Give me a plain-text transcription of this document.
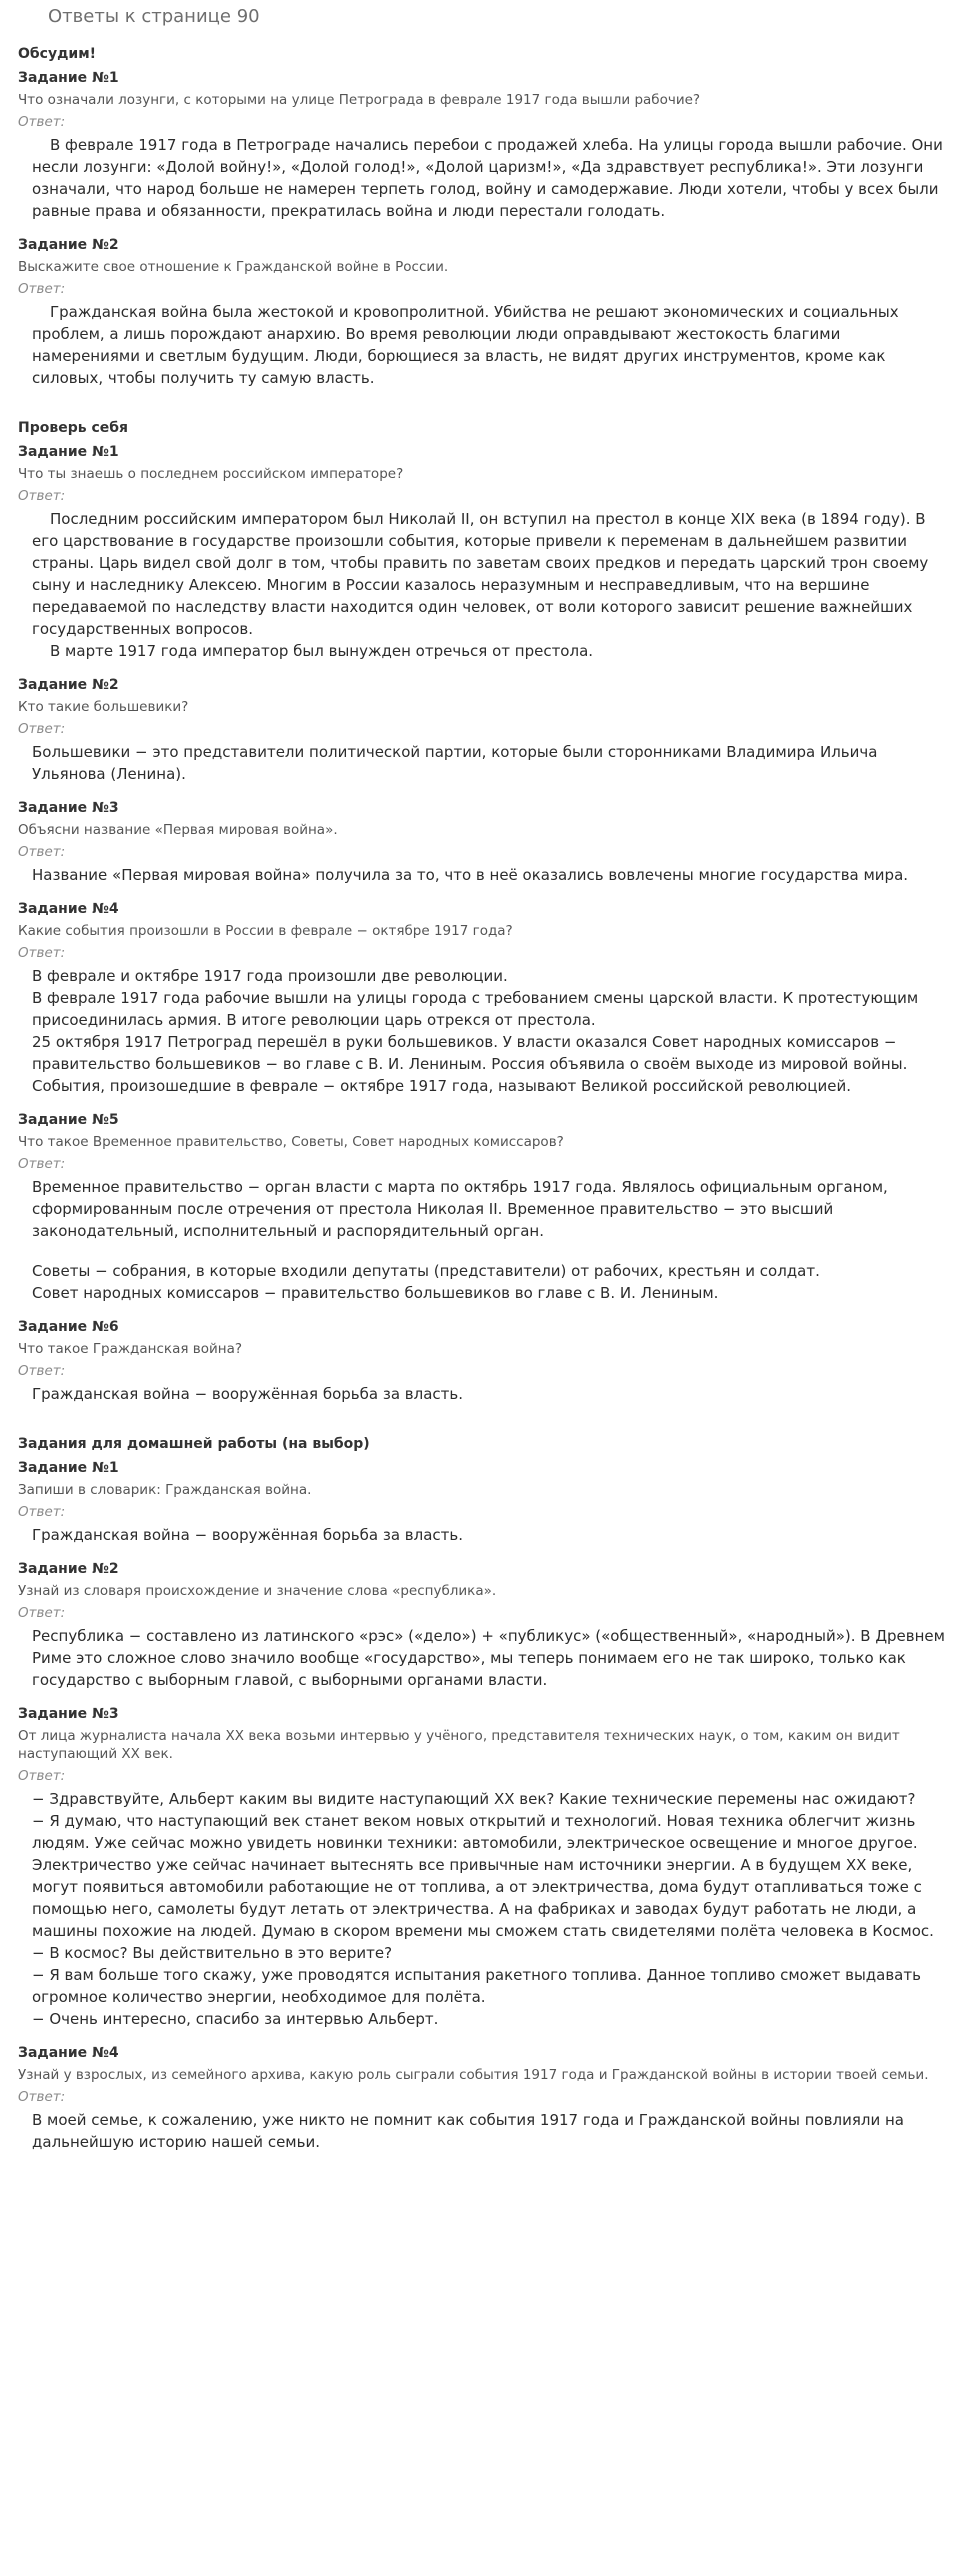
Ответы к странице 90
Обсудим!
Задание №1
Что означали лозунги, с которыми на улице Петрограда в феврале 1917 года вышли рабочие?
Ответ:

В феврале 1917 года в Петрограде начались перебои с продажей хлеба. На улицы города вышли рабочие. Они несли лозунги: «Долой войну!», «Долой голод!», «Долой царизм!», «Да здравствует республика!». Эти лозунги означали, что народ больше не намерен терпеть голод, войну и самодержавие. Люди хотели, чтобы у всех были равные права и обязанности, прекратилась война и люди перестали голодать.

Задание №2
Выскажите свое отношение к Гражданской войне в России.
Ответ:

Гражданская война была жестокой и кровопролитной. Убийства не решают экономических и социальных проблем, а лишь порождают анархию. Во время революции люди оправдывают жестокость благими намерениями и светлым будущим. Люди, борющиеся за власть, не видят других инструментов, кроме как силовых, чтобы получить ту самую власть.

Проверь себя
Задание №1
Что ты знаешь о последнем российском императоре?
Ответ:

Последним российским императором был Николай II, он вступил на престол в конце XIX века (в 1894 году). В его царствование в государстве произошли события, которые привели к переменам в дальнейшем развитии страны. Царь видел свой долг в том, чтобы править по заветам своих предков и передать царский трон своему сыну и наследнику Алексею. Многим в России казалось неразумным и несправедливым, что на вершине передаваемой по наследству власти находится один человек, от воли которого зависит решение важнейших государственных вопросов.

В марте 1917 года император был вынужден отречься от престола.

Задание №2
Кто такие большевики?
Ответ:

Большевики − это представители политической партии, которые были сторонниками Владимира Ильича Ульянова (Ленина).

Задание №3
Объясни название «Первая мировая война».
Ответ:

Название «Первая мировая война» получила за то, что в неё оказались вовлечены многие государства мира.

Задание №4
Какие события произошли в России в феврале − октябре 1917 года?
Ответ:

В феврале и октябре 1917 года произошли две революции.

В феврале 1917 года рабочие вышли на улицы города с требованием смены царской власти. К протестующим присоединилась армия. В итоге революции царь отрекся от престола.

25 октября 1917 Петроград перешёл в руки большевиков. У власти оказался Совет народных комиссаров − правительство большевиков − во главе с В. И. Лениным. Россия объявила о своём выходе из мировой войны.

События, произошедшие в феврале − октябре 1917 года, называют Великой российской революцией.

Задание №5
Что такое Временное правительство, Советы, Совет народных комиссаров?
Ответ:

Временное правительство − орган власти с марта по октябрь 1917 года. Являлось официальным органом, сформированным после отречения от престола Николая II. Временное правительство − это высший законодательный, исполнительный и распорядительный орган.

Советы − собрания, в которые входили депутаты (представители) от рабочих, крестьян и солдат.

Совет народных комиссаров − правительство большевиков во главе с В. И. Лениным.

Задание №6
Что такое Гражданская война?
Ответ:

Гражданская война − вооружённая борьба за власть.

Задания для домашней работы (на выбор)
Задание №1
Запиши в словарик: Гражданская война.
Ответ:

Гражданская война − вооружённая борьба за власть.

Задание №2
Узнай из словаря происхождение и значение слова «республика».
Ответ:

Республика − составлено из латинского «рэс» («дело») + «публикус» («общественный», «народный»). В Древнем Риме это сложное слово значило вообще «государство», мы теперь понимаем его не так широко, только как государство с выборным главой, с выборными органами власти.

Задание №3
От лица журналиста начала XX века возьми интервью у учёного, представителя технических наук, о том, каким он видит наступающий XX век.
Ответ:

− Здравствуйте, Альберт каким вы видите наступающий XX век? Какие технические перемены нас ожидают?

− Я думаю, что наступающий век станет веком новых открытий и технологий. Новая техника облегчит жизнь людям. Уже сейчас можно увидеть новинки техники: автомобили, электрическое освещение и многое другое. Электричество уже сейчас начинает вытеснять все привычные нам источники энергии. А в будущем XX веке, могут появиться автомобили работающие не от топлива, а от электричества, дома будут отапливаться тоже с помощью него, самолеты будут летать от электричества. А на фабриках и заводах будут работать не люди, а машины похожие на людей. Думаю в скором времени мы сможем стать свидетелями полёта человека в Космос.

− В космос? Вы действительно в это верите?

− Я вам больше того скажу, уже проводятся испытания ракетного топлива. Данное топливо сможет выдавать огромное количество энергии, необходимое для полёта.

− Очень интересно, спасибо за интервью Альберт.

Задание №4
Узнай у взрослых, из семейного архива, какую роль сыграли события 1917 года и Гражданской войны в истории твоей семьи.
Ответ:

В моей семье, к сожалению, уже никто не помнит как события 1917 года и Гражданской войны повлияли на дальнейшую историю нашей семьи.
